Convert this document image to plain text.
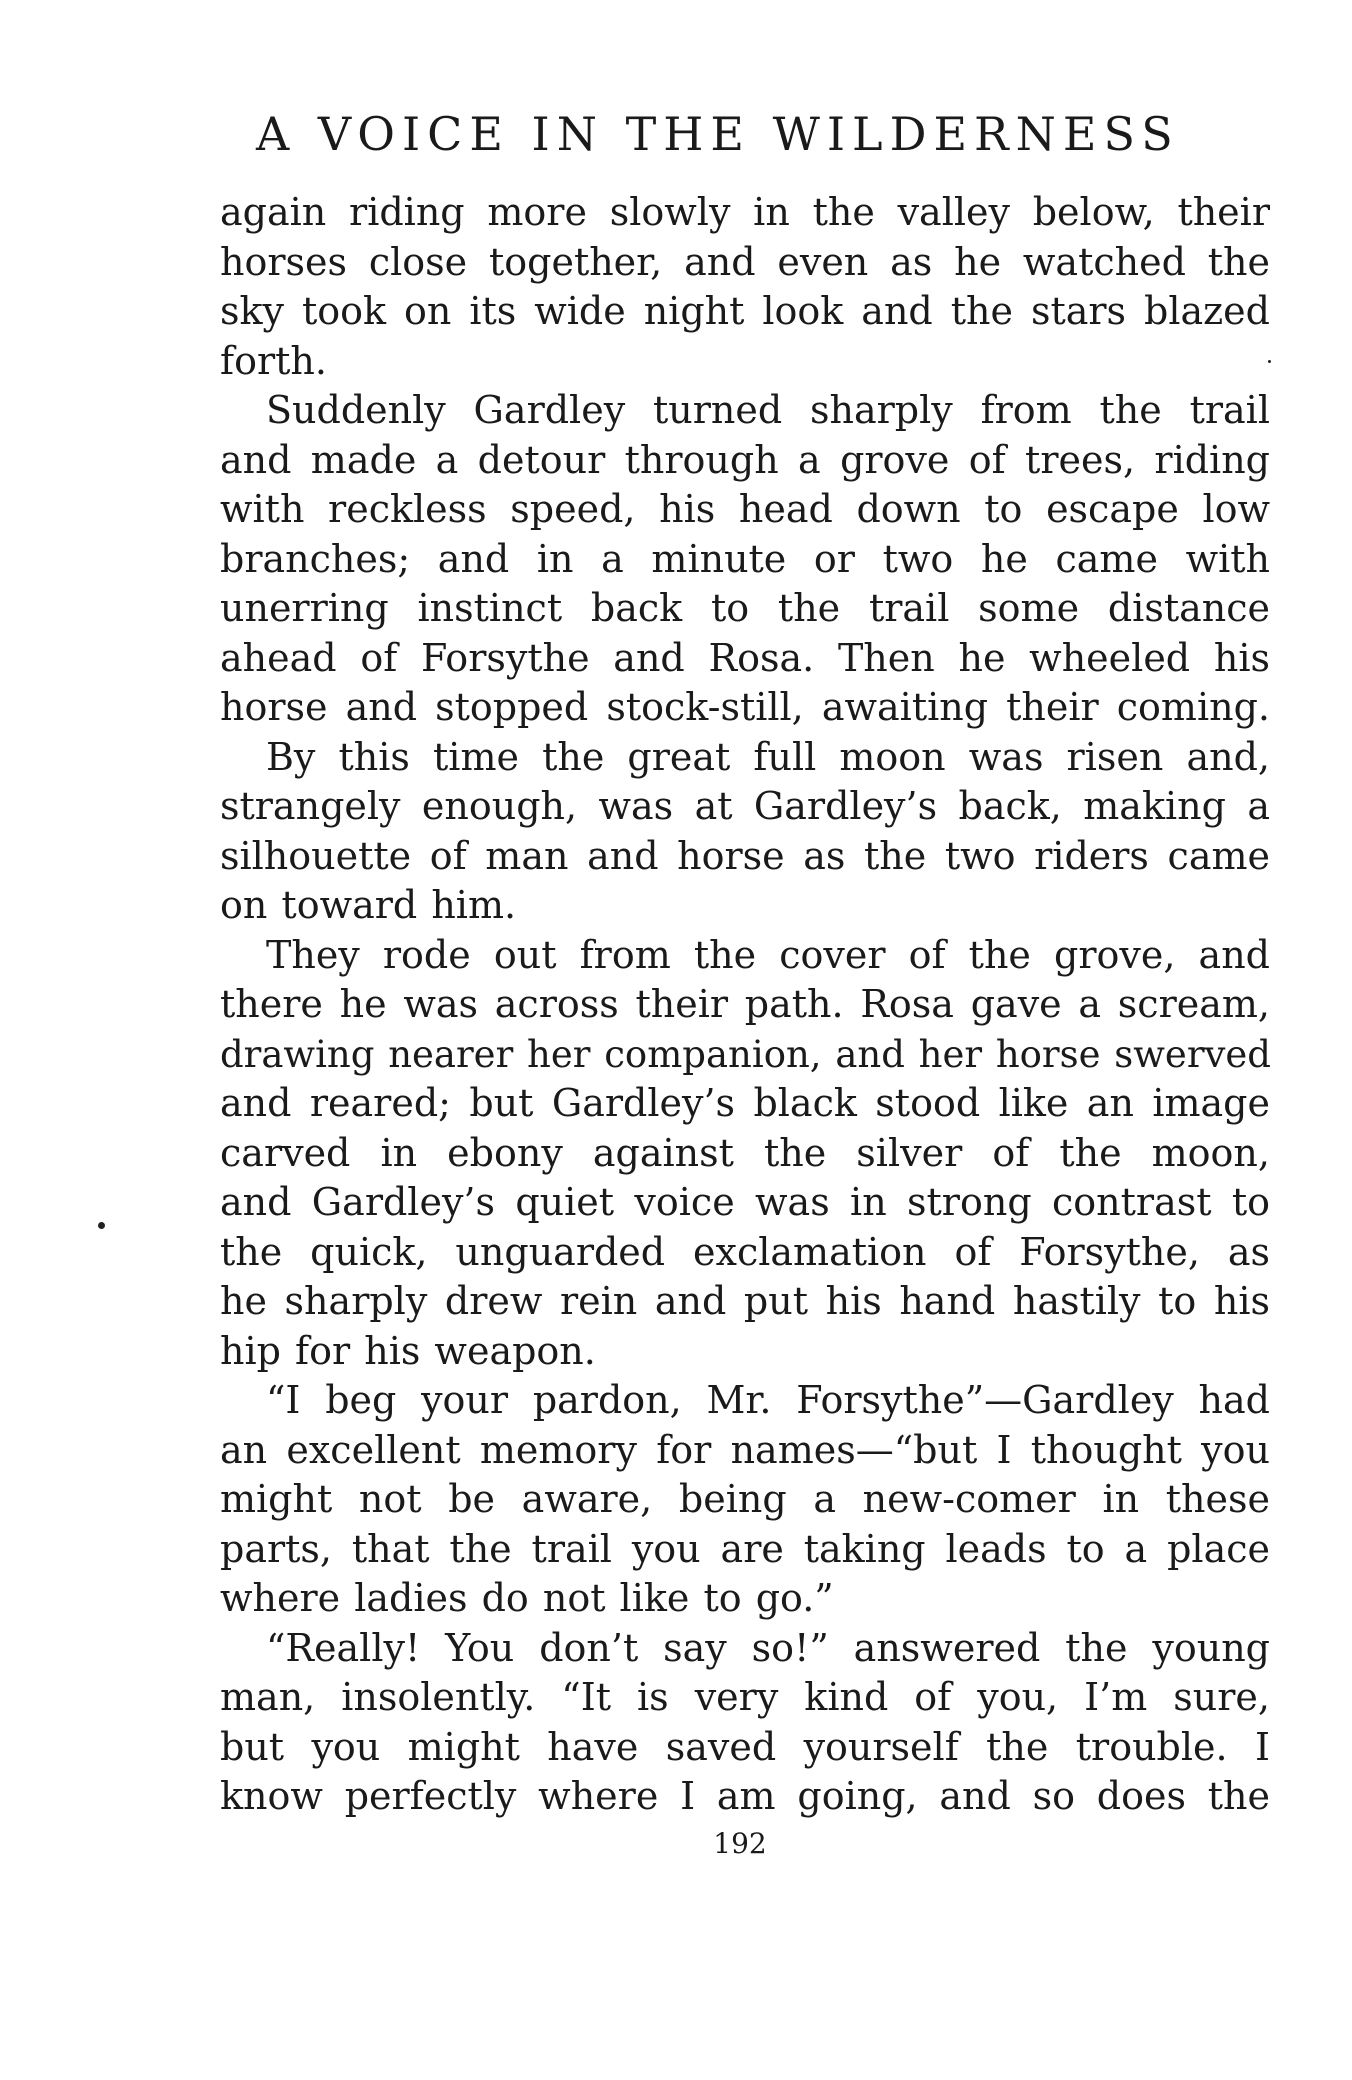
A VOICE IN THE WILDERNESS
again riding more slowly in the valley below, their
horses close together, and even as he watched the
sky took on its wide night look and the stars blazed
forth.
Suddenly Gardley turned sharply from the trail
and made a detour through a grove of trees, riding
with reckless speed, his head down to escape low
branches; and in a minute or two he came with
unerring instinct back to the trail some distance
ahead of Forsythe and Rosa. Then he wheeled his
horse and stopped stock-still, awaiting their coming.
By this time the great full moon was risen and,
strangely enough, was at Gardley’s back, making a
silhouette of man and horse as the two riders came
on toward him.
They rode out from the cover of the grove, and
there he was across their path. Rosa gave a scream,
drawing nearer her companion, and her horse swerved
and reared; but Gardley’s black stood like an image
carved in ebony against the silver of the moon,
and Gardley’s quiet voice was in strong contrast to
the quick, unguarded exclamation of Forsythe, as
he sharply drew rein and put his hand hastily to his
hip for his weapon.
“I beg your pardon, Mr. Forsythe”—Gardley had
an excellent memory for names—“but I thought you
might not be aware, being a new-comer in these
parts, that the trail you are taking leads to a place
where ladies do not like to go.”
“Really! You don’t say so!” answered the young
man, insolently. “It is very kind of you, I’m sure,
but you might have saved yourself the trouble. I
know perfectly where I am going, and so does the
192
